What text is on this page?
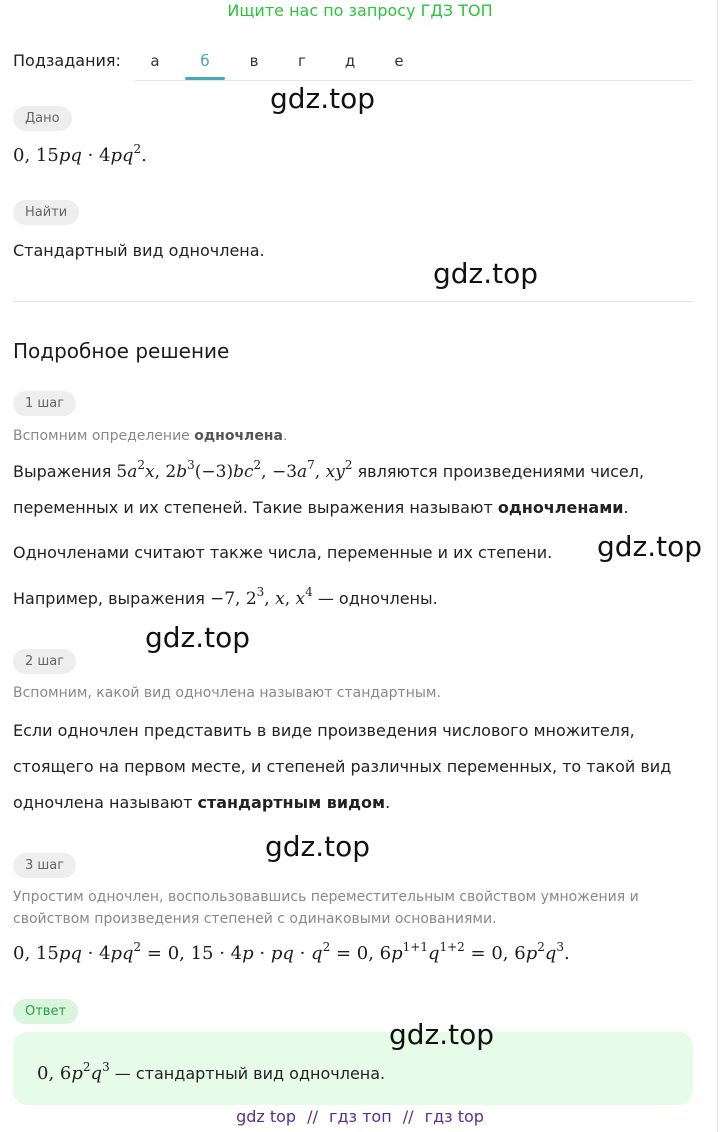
Ищите нас по запросу ГДЗ ТОП
Подзадания:	а	б	в	г	д	е
Дано
0, $15pq \cdot 4pq^2$.
Найти
Стандартный вид одночлена.
Подробное решение
1 шаг
Вспомним определение одночлена.
Выражения $5a^2x$, $2b^3(-3)bc^2$, $-3a^7$, $xy^2$ являются произведениями чисел,
переменных и их степеней. Такие выражения называют одночленами.
Одночленами считают также числа, переменные и их степени.
Например, выражения −7, $2^3$, x, $x^4$ — одночлены.
2 шаг
Вспомним, какой вид одночлена называют стандартным.
Если одночлен представить в виде произведения числового множителя,
стоящего на первом месте, и степеней различных переменных, то такой вид
одночлена называют стандартным видом.
3 шаг
Упростим одночлен, воспользовавшись переместительным свойством умножения и
свойством произведения степеней с одинаковыми основаниями.
0, $15pq \cdot 4pq^2 = 0$, 15 · 4p · pq · $q^2 = 0$, $6p^{1+1}q^{1+2} = 0$, $6p^2q^3$.
Ответ
0, $6p^2q^3$ — стандартный вид одночлена.
gdz.top
gdz.top
gdz.top
gdz.top
gdz.top
gdz.top
gdz top // гдз топ // гдз top
